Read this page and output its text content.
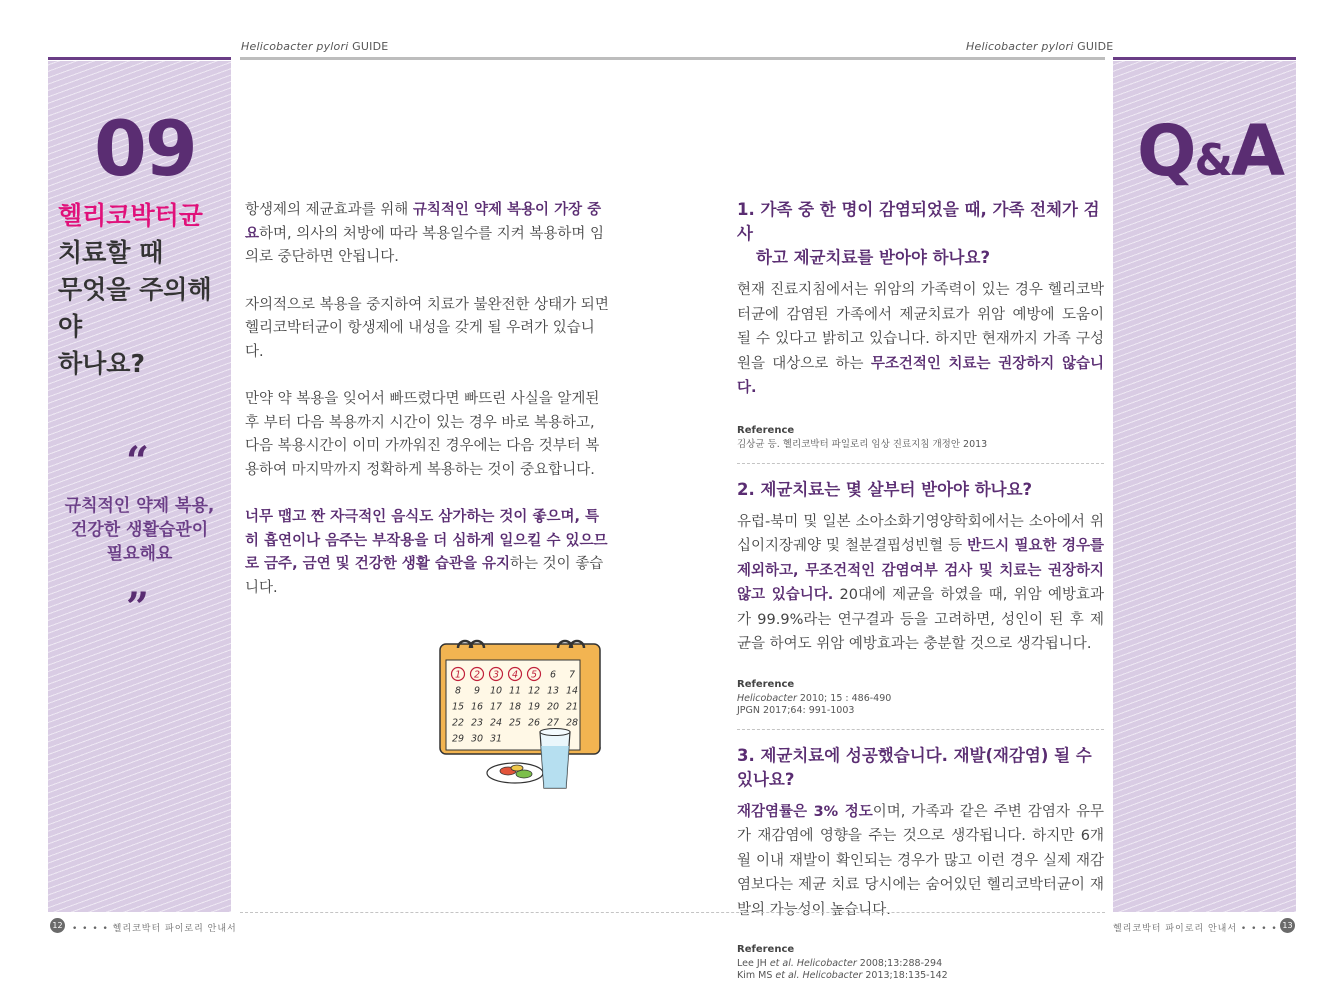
Helicobacter pylori GUIDE	Helicobacter pylori GUIDE
09
헬리코박터균
치료할 때
무엇을 주의해야
하나요?
“
규칙적인 약제 복용,
건강한 생활습관이
필요해요
”

항생제의 제균효과를 위해 규칙적인 약제 복용이 가장 중요하며, 의사의 처방에 따라 복용일수를 지켜 복용하며 임의로 중단하면 안됩니다.

자의적으로 복용을 중지하여 치료가 불완전한 상태가 되면 헬리코박터균이 항생제에 내성을 갖게 될 우려가 있습니다.

만약 약 복용을 잊어서 빠뜨렸다면 빠뜨린 사실을 알게된 후 부터 다음 복용까지 시간이 있는 경우 바로 복용하고, 다음 복용시간이 이미 가까워진 경우에는 다음 것부터 복용하여 마지막까지 정확하게 복용하는 것이 중요합니다.

너무 맵고 짠 자극적인 음식도 삼가하는 것이 좋으며, 특히 흡연이나 음주는 부작용을 더 심하게 일으킬 수 있으므로 금주, 금연 및 건강한 생활 습관을 유지하는 것이 좋습니다.

1 2 3 4 5 6 7
8 9 10 11 12 13 14
15 16 17 18 19 20 21
22 23 24 25 26 27 28
29 30 31
Q&A
1. 가족 중 한 명이 감염되었을 때, 가족 전체가 검사
하고 제균치료를 받아야 하나요?
현재 진료지침에서는 위암의 가족력이 있는 경우 헬리코박터균에 감염된 가족에서 제균치료가 위암 예방에 도움이 될 수 있다고 밝히고 있습니다. 하지만 현재까지 가족 구성원을 대상으로 하는 무조건적인 치료는 권장하지 않습니다.
Reference
김상균 등. 헬리코박터 파일로리 임상 진료지침 개정안 2013
2. 제균치료는 몇 살부터 받아야 하나요?
유럽-북미 및 일본 소아소화기영양학회에서는 소아에서 위십이지장궤양 및 철분결핍성빈혈 등 반드시 필요한 경우를 제외하고, 무조건적인 감염여부 검사 및 치료는 권장하지 않고 있습니다. 20대에 제균을 하였을 때, 위암 예방효과가 99.9%라는 연구결과 등을 고려하면, 성인이 된 후 제균을 하여도 위암 예방효과는 충분할 것으로 생각됩니다.
Reference
Helicobacter 2010; 15 : 486-490
JPGN 2017;64: 991-1003
3. 제균치료에 성공했습니다. 재발(재감염) 될 수 있나요?
재감염률은 3% 정도이며, 가족과 같은 주변 감염자 유무가 재감염에 영향을 주는 것으로 생각됩니다. 하지만 6개월 이내 재발이 확인되는 경우가 많고 이런 경우 실제 재감염보다는 제균 치료 당시에는 숨어있던 헬리코박터균이 재발의 가능성이 높습니다.
Reference
Lee JH et al. Helicobacter 2008;13:288-294
Kim MS et al. Helicobacter 2013;18:135-142
12 • • • • 헬리코박터 파이로리 안내서	헬리코박터 파이로리 안내서 • • • • 13
